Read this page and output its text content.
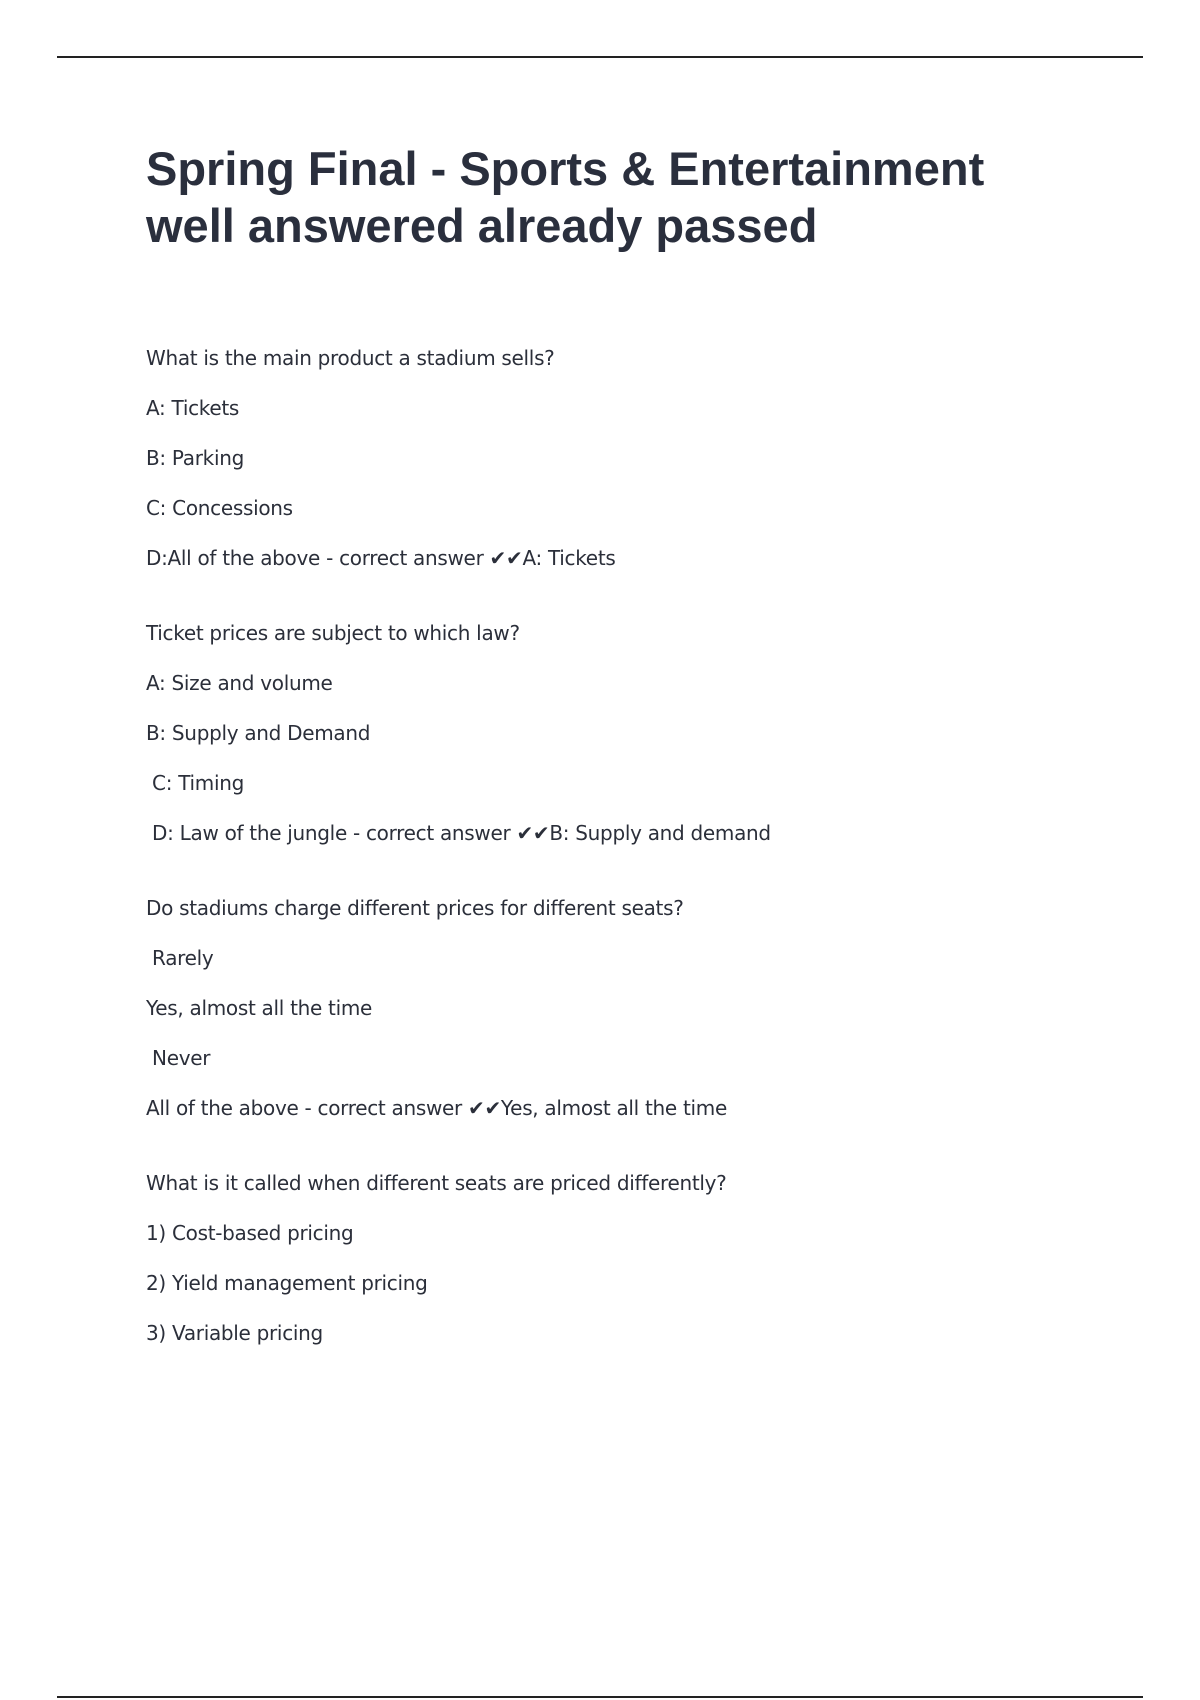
Spring Final - Sports & Entertainment
well answered already passed
What is the main product a stadium sells?
A: Tickets
B: Parking
C: Concessions
D:All of the above - correct answer ✔✔A: Tickets
Ticket prices are subject to which law?
A: Size and volume
B: Supply and Demand
C: Timing
D: Law of the jungle - correct answer ✔✔B: Supply and demand
Do stadiums charge different prices for different seats?
Rarely
Yes, almost all the time
Never
All of the above - correct answer ✔✔Yes, almost all the time
What is it called when different seats are priced differently?
1) Cost-based pricing
2) Yield management pricing
3) Variable pricing
